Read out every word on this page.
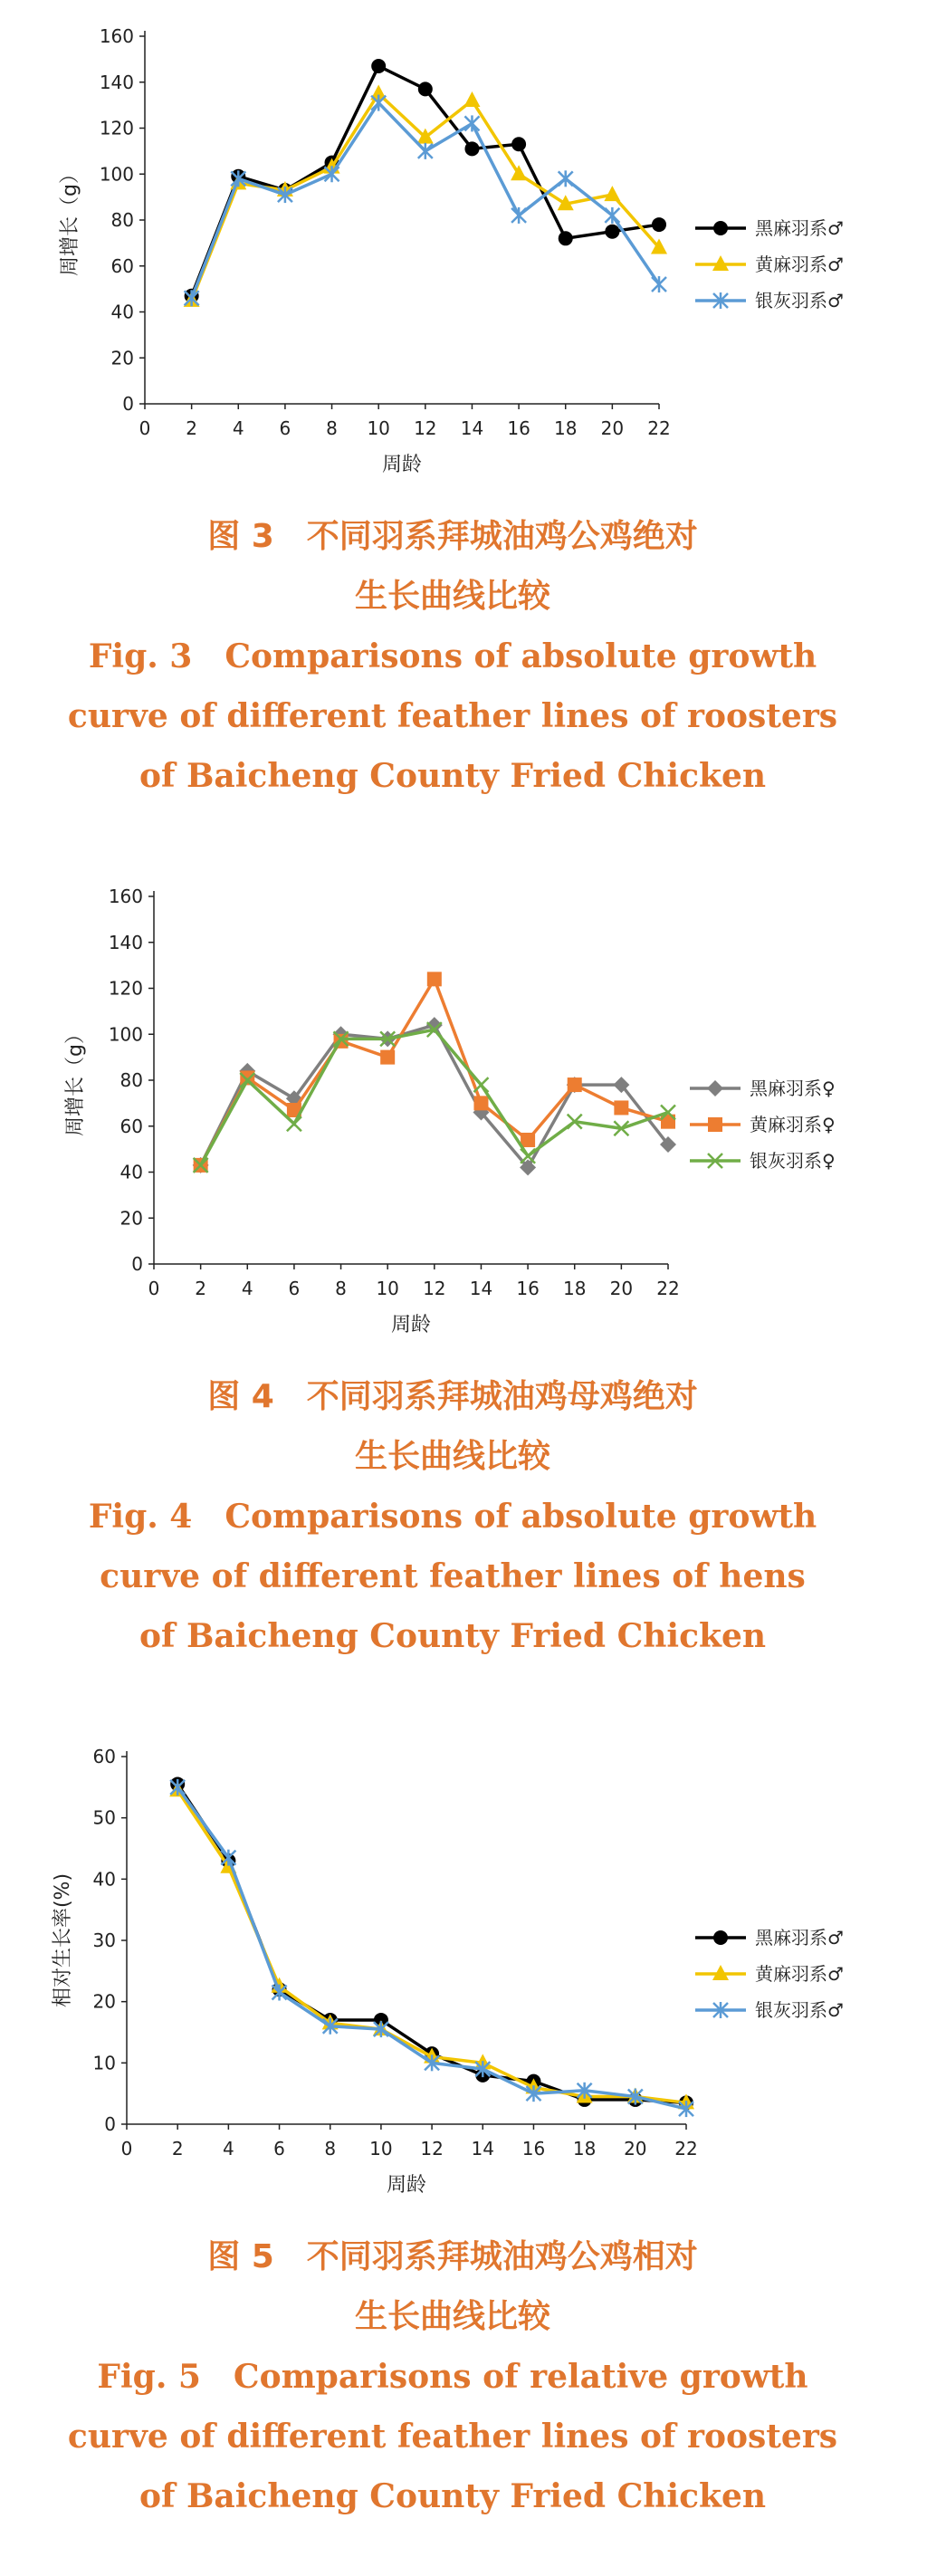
0
20
40
60
80
100
120
140
160
0 2 4 6 8 10 12 14 16 18 20 22
周龄
周增长（g）	黑麻羽系♂
黄麻羽系♂
银灰羽系♂
图 3　不同羽系拜城油鸡公鸡绝对
生长曲线比较
Fig. 3　Comparisons of absolute growth
curve of different feather lines of roosters
of Baicheng County Fried Chicken
0
20
40
60
80
100
120
140
160
0 2 4 6 8 10 12 14 16 18 20 22
周龄
周增长（g）	黑麻羽系♀
黄麻羽系♀
银灰羽系♀
图 4　不同羽系拜城油鸡母鸡绝对
生长曲线比较
Fig. 4　Comparisons of absolute growth
curve of different feather lines of hens
of Baicheng County Fried Chicken
0
10
20
30
40
50
60
0 2 4 6 8 10 12 14 16 18 20 22
周龄
相对生长率(%)	黑麻羽系♂
黄麻羽系♂
银灰羽系♂
图 5　不同羽系拜城油鸡公鸡相对
生长曲线比较
Fig. 5　Comparisons of relative growth
curve of different feather lines of roosters
of Baicheng County Fried Chicken
